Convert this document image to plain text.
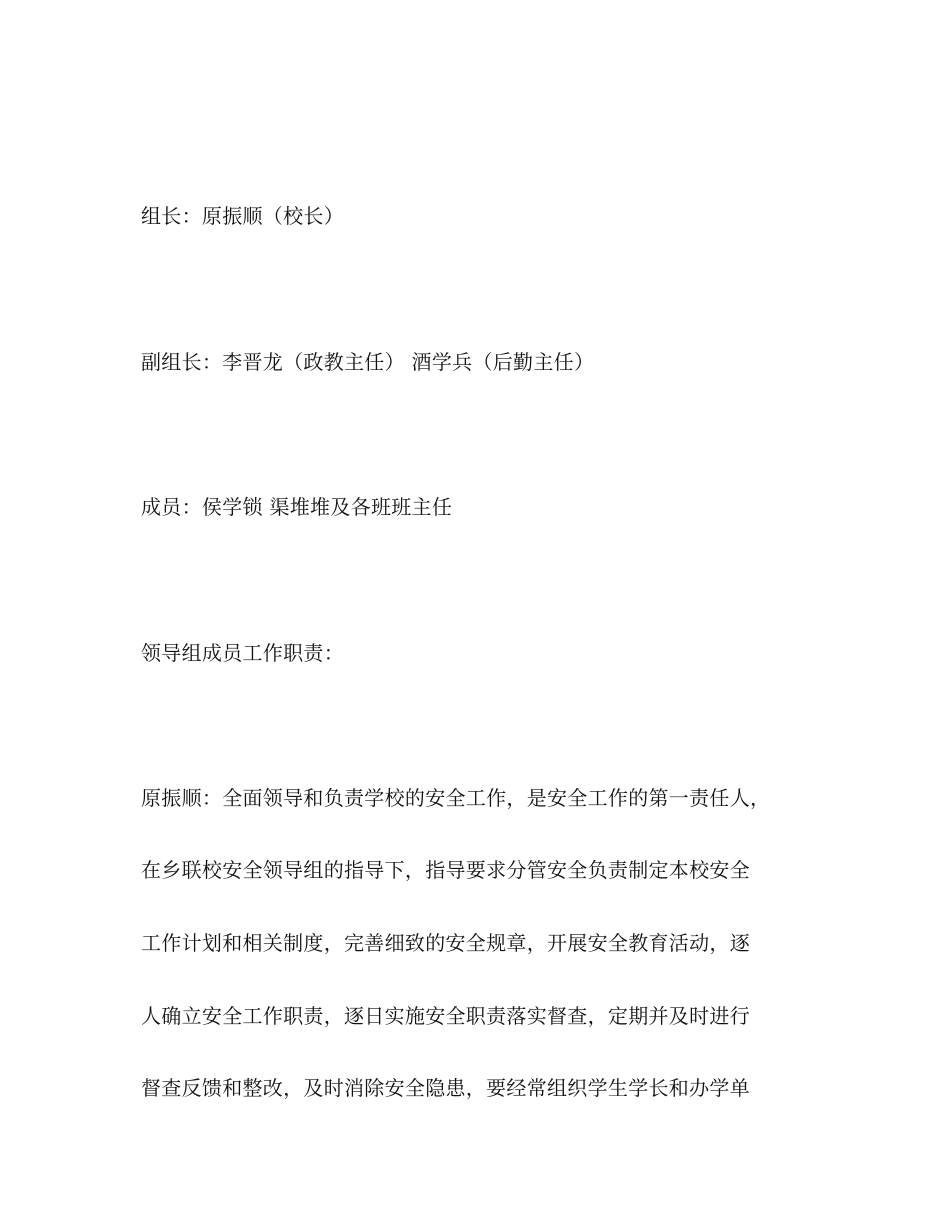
组长：原振顺（校长）
副组长：李晋龙（政教主任） 酒学兵（后勤主任）
成员：侯学锁 渠堆堆及各班班主任
领导组成员工作职责：
原振顺：全面领导和负责学校的安全工作，是安全工作的第一责任人，
在乡联校安全领导组的指导下，指导要求分管安全负责制定本校安全
工作计划和相关制度，完善细致的安全规章，开展安全教育活动，逐
人确立安全工作职责，逐日实施安全职责落实督查，定期并及时进行
督查反馈和整改，及时消除安全隐患，要经常组织学生学长和办学单
